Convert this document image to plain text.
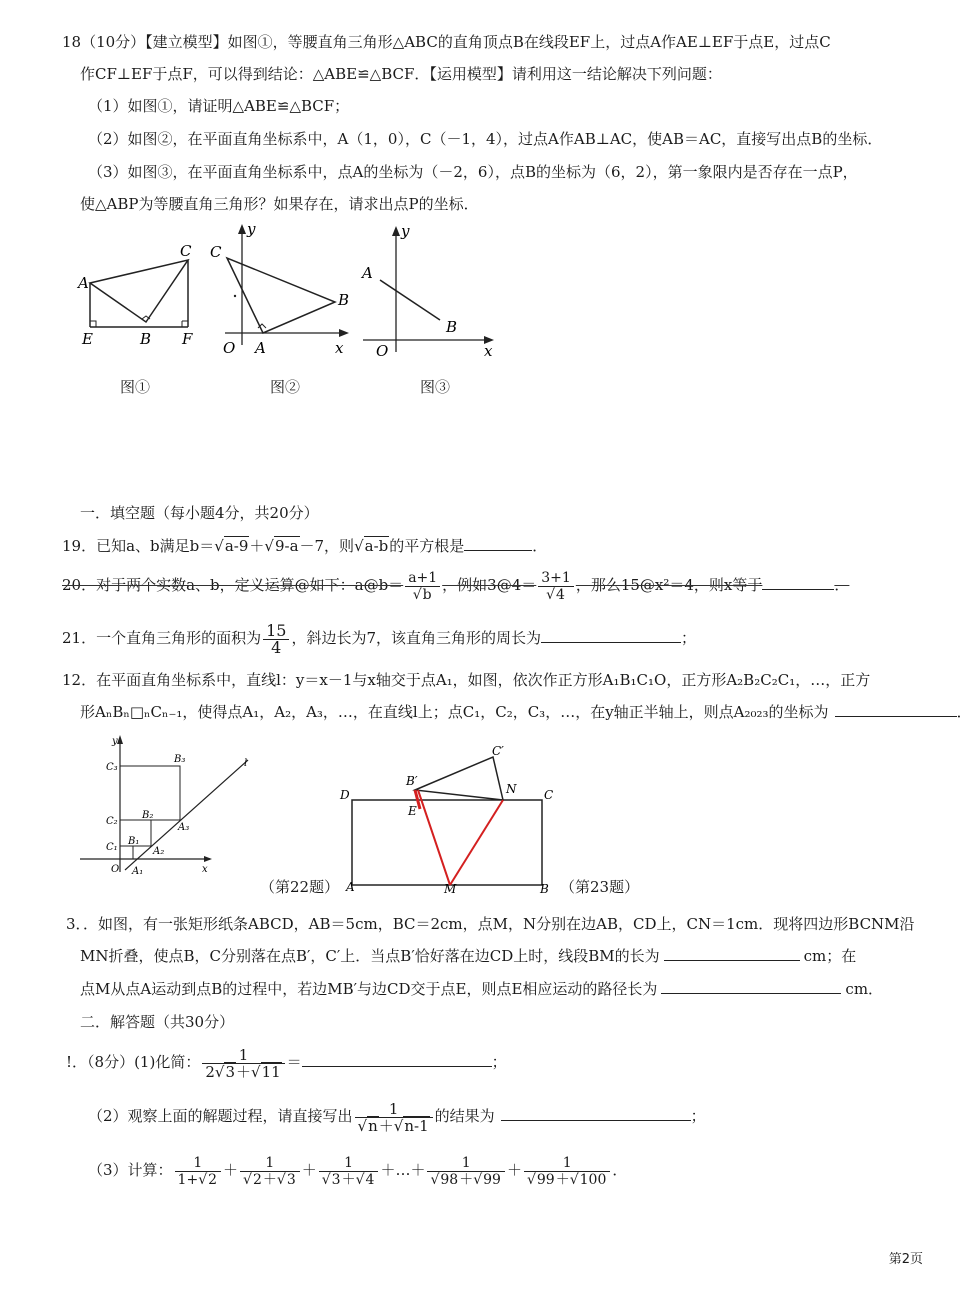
18（10分）【建立模型】如图①，等腰直角三角形△ABC的直角顶点B在线段EF上，过点A作AE⊥EF于点E，过点C
作CF⊥EF于点F，可以得到结论：△ABE≌△BCF．【运用模型】请利用这一结论解决下列问题：
（1）如图①，请证明△ABE≌△BCF；
（2）如图②，在平面直角坐标系中，A（1，0），C（－1，4），过点A作AB⊥AC，使AB＝AC，直接写出点B的坐标．
（3）如图③，在平面直角坐标系中，点A的坐标为（－2，6），点B的坐标为（6，2），第一象限内是否存在一点P，
使△ABP为等腰直角三角形？如果存在，请求出点P的坐标．
A
C
E	B F
y
C
B
O A	x
y
A
B
O	x
图①	图②	图③
一．填空题（每小题4分，共20分）
19．已知a、b满足b＝ √ a-9＋ √ 9-a－7，则 √ a-b的平方根是	．
20．对于两个实数a、b，定义运算@如下：a@b＝ a+1
√ b ，例如3@4＝ 3+1
√ 4 ，那么15@x²＝4，则x等于	．
21．一个直角三角形的面积为 $\frac{15}{4}$ ，斜边长为7，该直角三角形的周长为	；
12．在平面直角坐标系中，直线l：y＝x－1与x轴交于点A₁，如图，依次作正方形A₁B₁C₁O，正方形A₂B₂C₂C₁，…，正方
形AₙBₙ□ₙCₙ₋₁，使得点A₁，A₂，A₃，…，在直线l上；点C₁，C₂，C₃，…，在y轴正半轴上，则点A₂₀₂₃的坐标为	．
y
C₃
B₃	l
C₂
B₂
A₃
C₁
B₁
A₂
O A₁	x
D	C
B′
C′
N
E
A	M	B
（第22题）	（第23题）
3．．如图，有一张矩形纸条ABCD，AB＝5cm，BC＝2cm，点M，N分别在边AB，CD上，CN＝1cm．现将四边形BCNM沿
MN折叠，使点B，C分别落在点B′，C′上．当点B′恰好落在边CD上时，线段BM的长为	cm；在
点M从点A运动到点B的过程中，若边MB′与边CD交于点E，则点E相应运动的路径长为	cm．
二．解答题（共30分）
!．（8分）(1)化简： $\frac{1}{2 √ 3+ √ 11}$ ＝	；
（2）观察上面的解题过程，请直接写出 1
√ n＋ √ n-1 的结果为	；
（3）计算： $\frac{1}{1+ √ 2} + 1$
√ 2＋ √ 3 ＋ 1
√ 3＋ √ 4 ＋…＋ 1
√ 98＋ √ 99 ＋ 1
√ 99＋ √ 100 ．
第2页
